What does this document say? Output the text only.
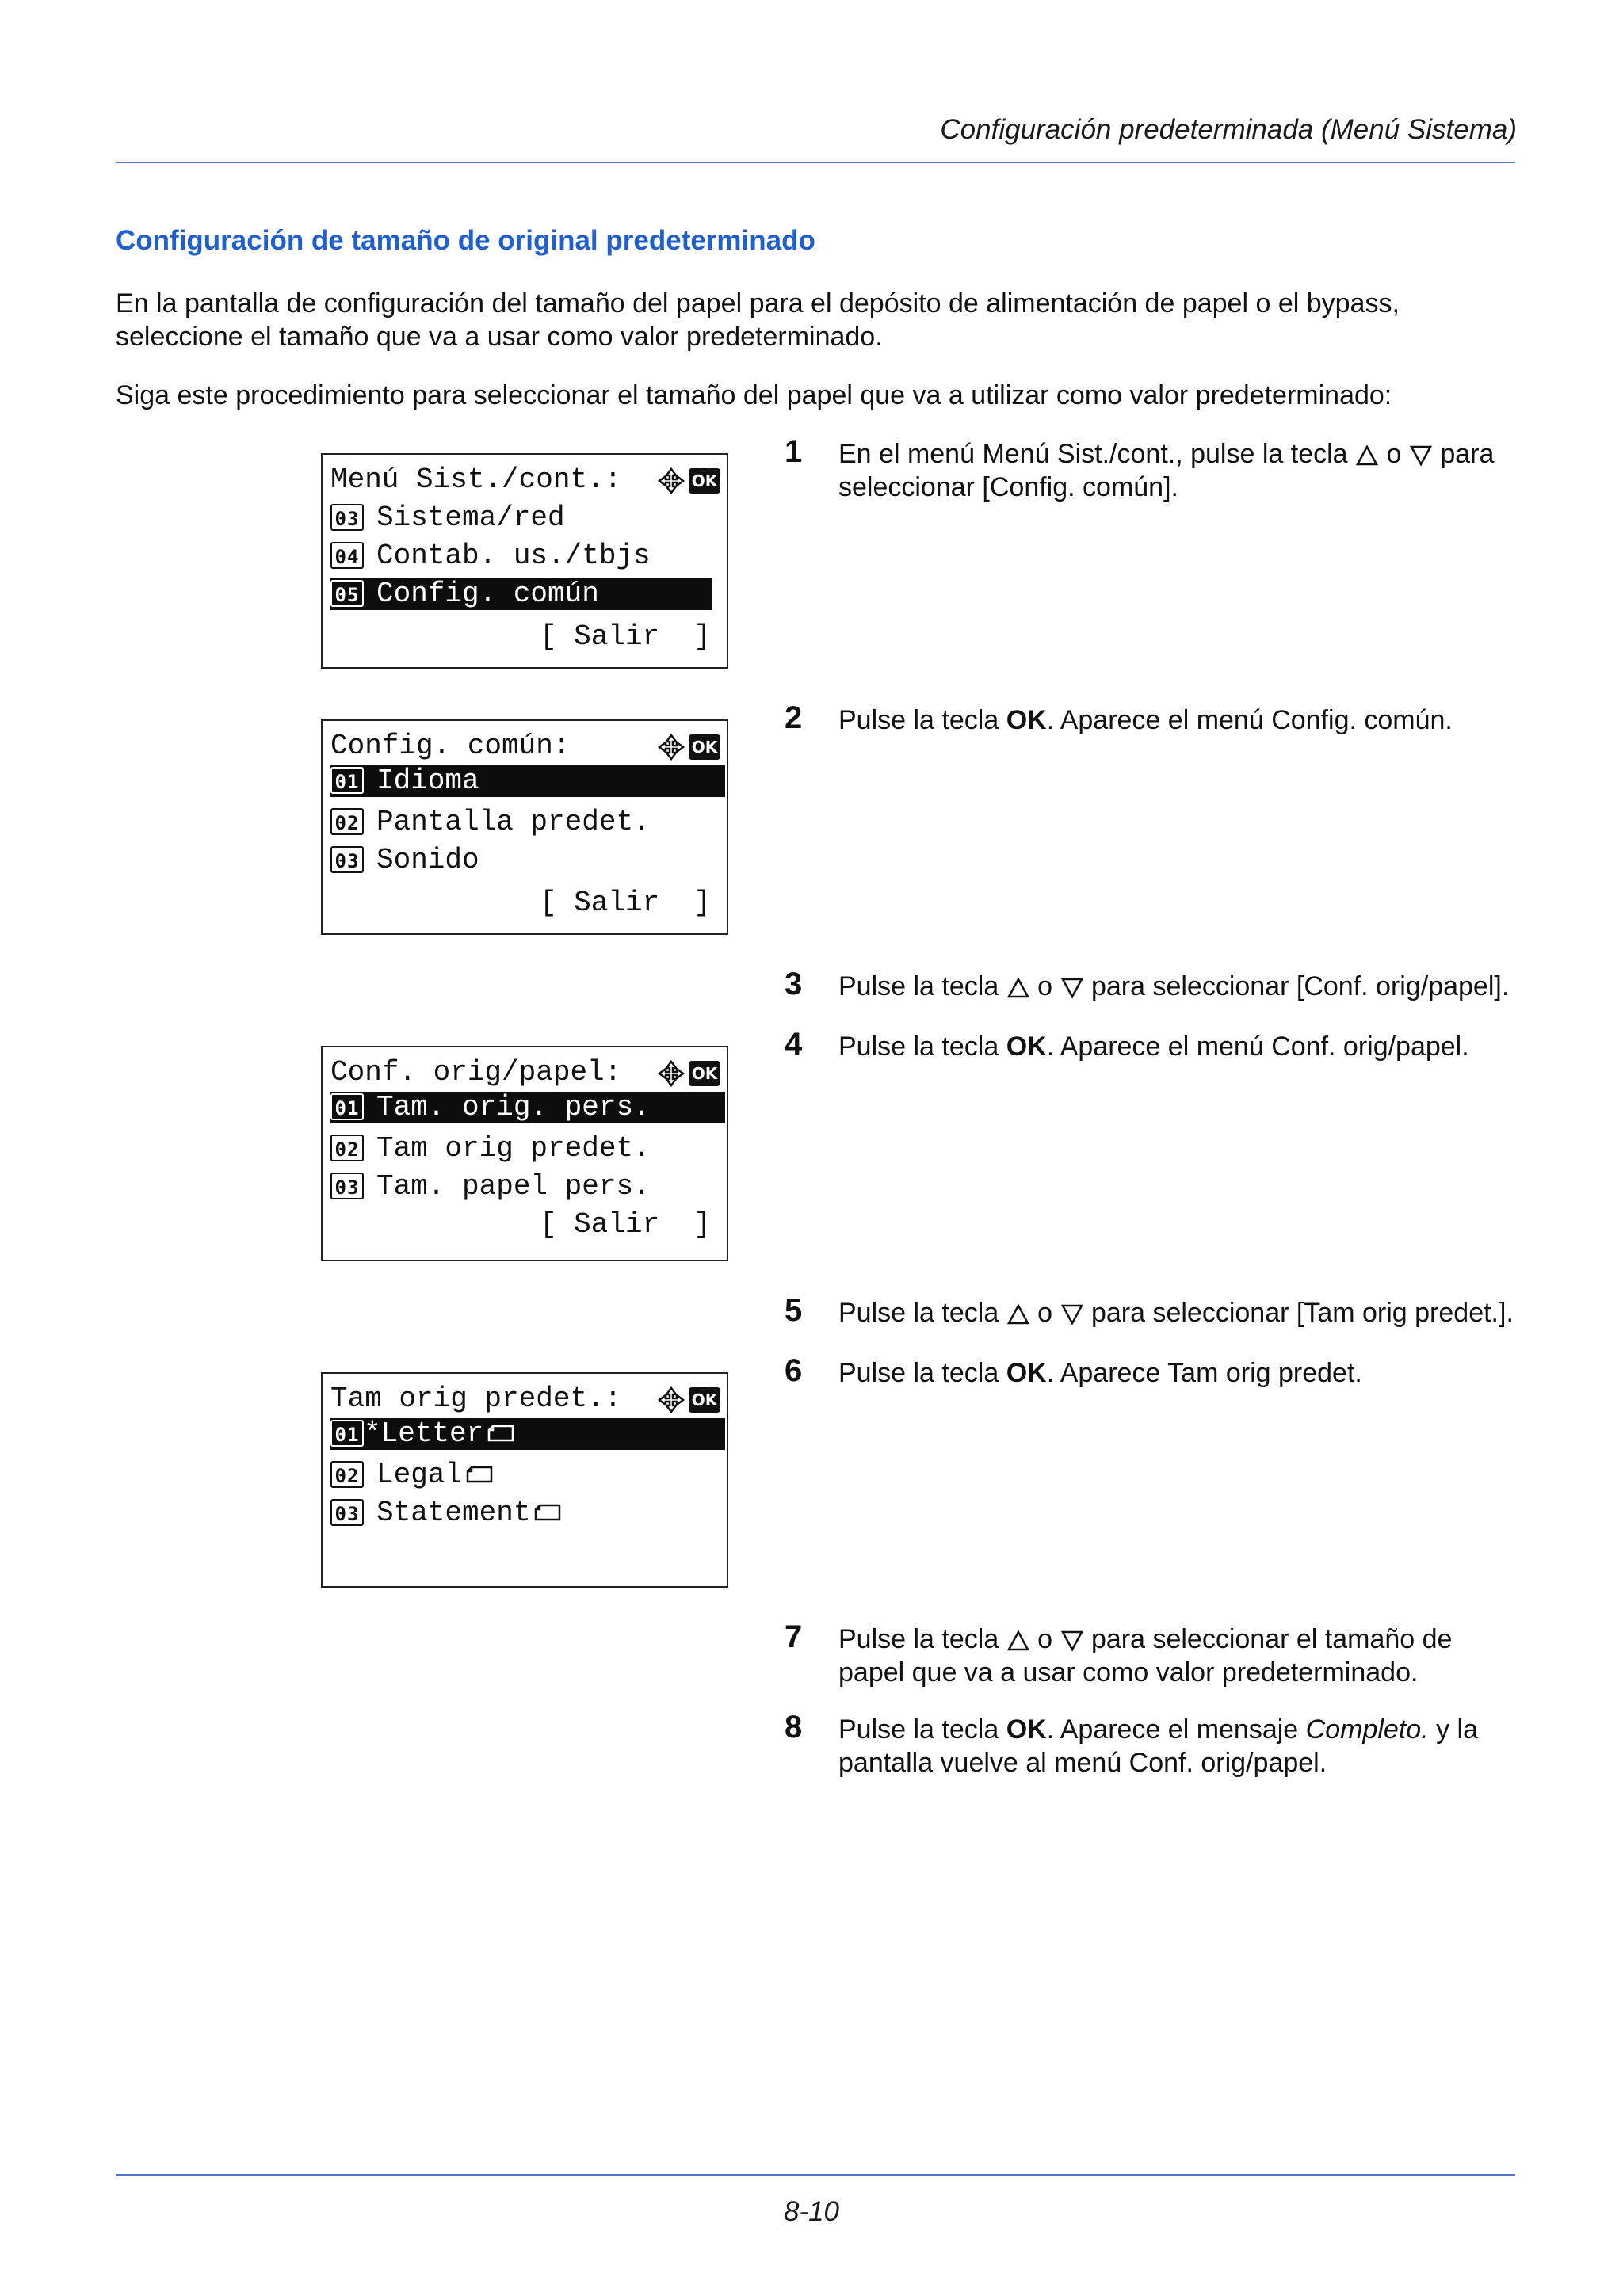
Configuración predeterminada (Menú Sistema)
Configuración de tamaño de original predeterminado

En la pantalla de configuración del tamaño del papel para el depósito de alimentación de papel o el bypass, seleccione el tamaño que va a usar como valor predeterminado.

Siga este procedimiento para seleccionar el tamaño del papel que va a utilizar como valor predeterminado:

Menú Sist./cont.:	OK
03 Sistema/red
04 Contab. us./tbjs
05 Config. común
[ Salir  ]
Config. común:	OK
01 Idioma
02 Pantalla predet.
03 Sonido
[ Salir  ]
Conf. orig/papel:	OK
01 Tam. orig. pers.
02 Tam orig predet.
03 Tam. papel pers.
[ Salir  ]
Tam orig predet.:	OK
01 *Letter
02 Legal
03 Statement
1 En el menú Menú Sist./cont., pulse la tecla o para seleccionar [Config. común].
2 Pulse la tecla OK. Aparece el menú Config. común.
3 Pulse la tecla o para seleccionar [Conf. orig/papel].
4 Pulse la tecla OK. Aparece el menú Conf. orig/papel.
5 Pulse la tecla o para seleccionar [Tam orig predet.].
6 Pulse la tecla OK. Aparece Tam orig predet.
7 Pulse la tecla o para seleccionar el tamaño de papel que va a usar como valor predeterminado.
8 Pulse la tecla OK. Aparece el mensaje Completo. y la pantalla vuelve al menú Conf. orig/papel.
8-10
